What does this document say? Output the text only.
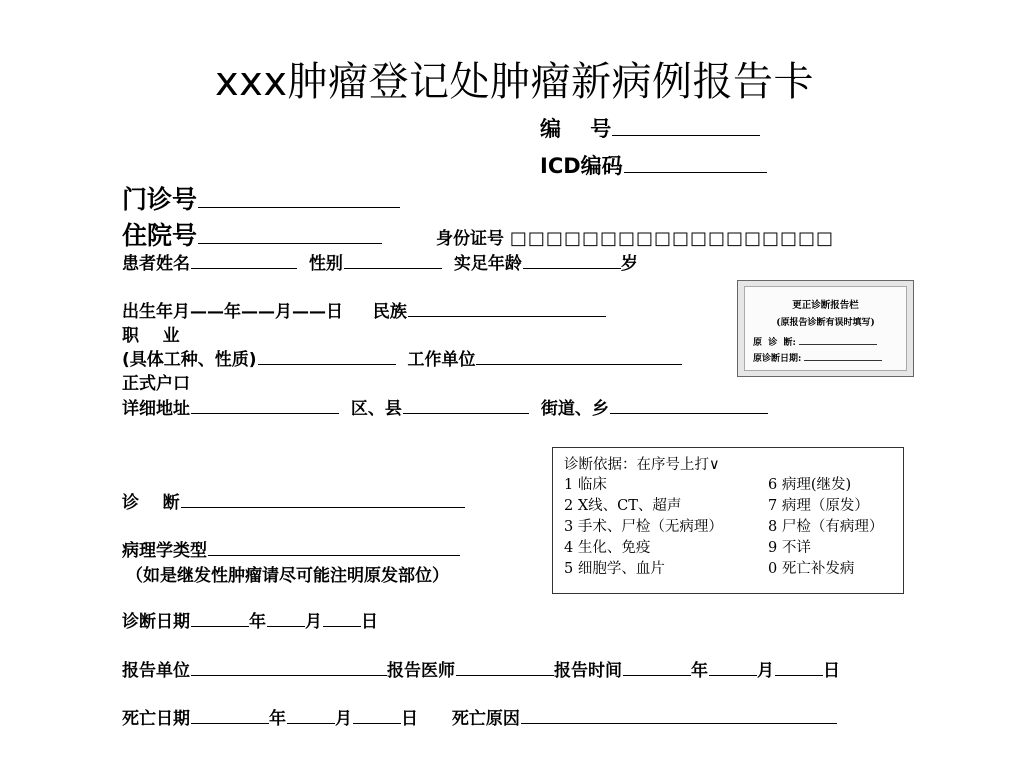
xxx肿瘤登记处肿瘤新病例报告卡
编    号
ICD编码
门诊号
住院号	身份证号 □□□□□□□□□□□□□□□□□□
患者姓名	性别	实足年龄	岁
出生年月——年——月——日 民族
职    业
(具体工种、性质)	工作单位
正式户口
详细地址	区、县	街道、乡
更正诊断报告栏
(原报告诊断有误时填写)
原  诊  断:
原诊断日期:
诊断依据：在序号上打∨
1 临床
2 X线、CT、超声
3 手术、尸检（无病理）
4 生化、免疫
5 细胞学、血片
6 病理(继发)
7 病理（原发）
8 尸检（有病理）
9 不详
0 死亡补发病
诊    断
病理学类型
（如是继发性肿瘤请尽可能注明原发部位）
诊断日期	年 月 日
报告单位	报告医师	报告时间	年	月	日
死亡日期	年	月	日 死亡原因
